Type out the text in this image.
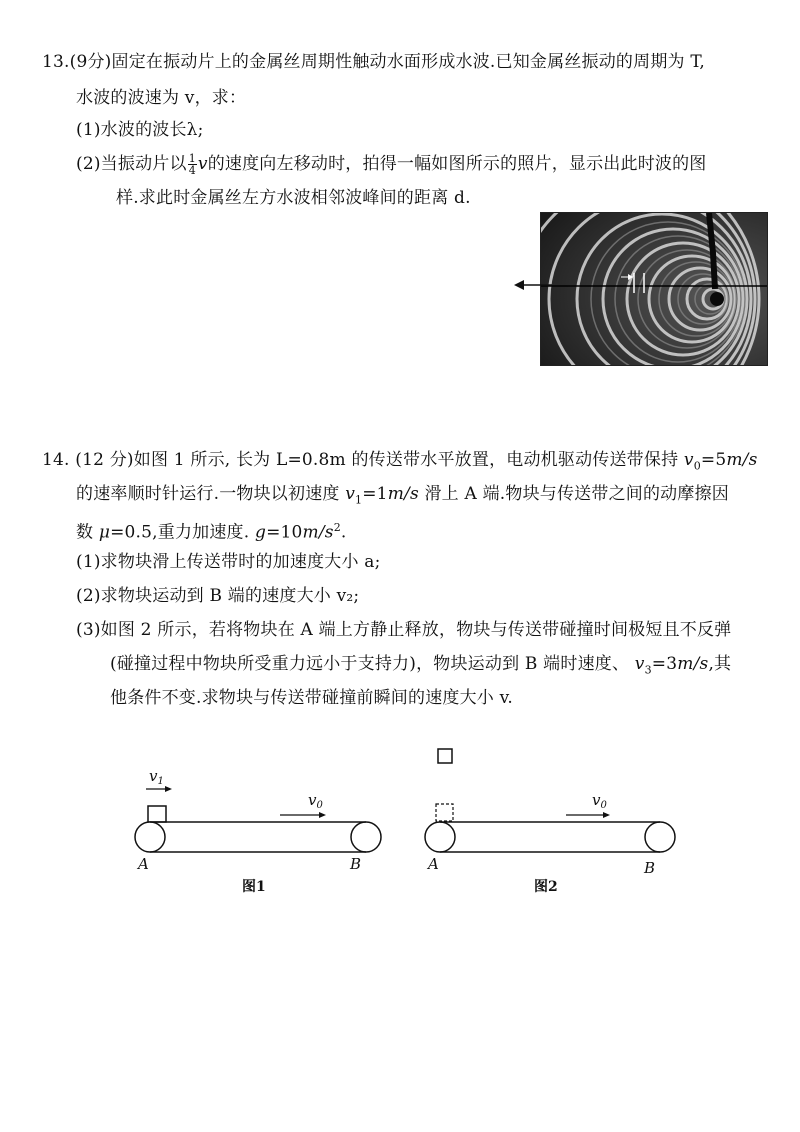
13.(9分)固定在振动片上的金属丝周期性触动水面形成水波.已知金属丝振动的周期为 T,
水波的波速为 v，求：
(1)水波的波长λ;
(2)当振动片以 $\frac{1}{4}$ v的速度向左移动时，拍得一幅如图所示的照片，显示出此时波的图
样.求此时金属丝左方水波相邻波峰间的距离 d.
14. (12 分)如图 1 所示, 长为 L=0.8m 的传送带水平放置，电动机驱动传送带保持 $v_0=5m/s$
的速率顺时针运行.一物块以初速度 $v_1=1m/s$ 滑上 A 端.物块与传送带之间的动摩擦因
数 μ=0.5,重力加速度. $g=10m/s^2$.
(1)求物块滑上传送带时的加速度大小 a;
(2)求物块运动到 B 端的速度大小 v₂;
(3)如图 2 所示，若将物块在 A 端上方静止释放，物块与传送带碰撞时间极短且不反弹
(碰撞过程中物块所受重力远小于支持力)，物块运动到 B 端时速度、 $v_3=3m/s$,其
他条件不变.求物块与传送带碰撞前瞬间的速度大小 v.
$v_1$
$v_0$
A	B
图1
$v_0$
A	B
图2
